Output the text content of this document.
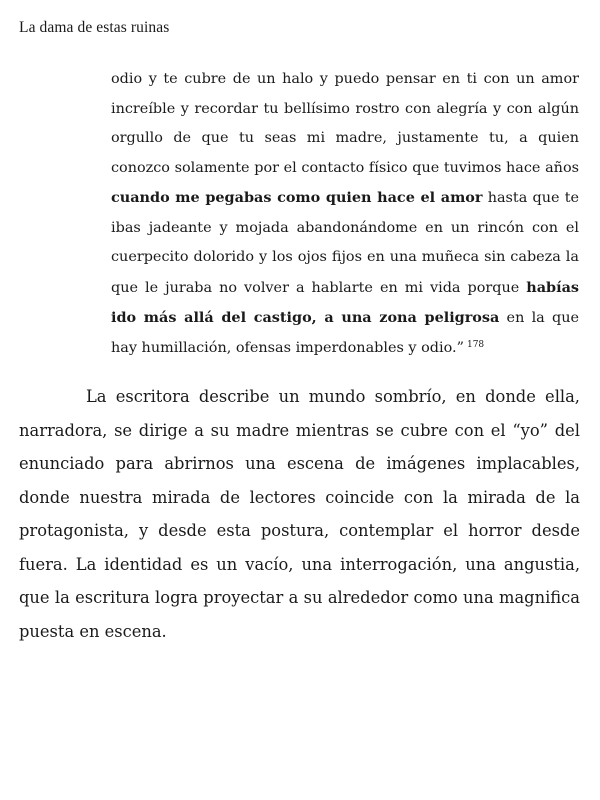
La dama de estas ruinas
odio y te cubre de un halo y puedo pensar en ti con un amor increíble y recordar tu bellísimo rostro con alegría y con algún orgullo de que tu seas mi madre, justamente tu, a quien conozco solamente por el contacto físico que tuvimos hace años cuando me pegabas como quien hace el amor hasta que te ibas jadeante y mojada abandonándome en un rincón con el cuerpecito dolorido y los ojos fijos en una muñeca sin cabeza la que le juraba no volver a hablarte en mi vida porque habías ido más allá del castigo, a una zona peligrosa en la que hay humillación, ofensas imperdonables y odio.” $^{178}$
La escritora describe un mundo sombrío, en donde ella, narradora, se dirige a su madre mientras se cubre con el “yo” del enunciado para abrirnos una escena de imágenes implacables, donde nuestra mirada de lectores coincide con la mirada de la protagonista, y desde esta postura, contemplar el horror desde fuera. La identidad es un vacío, una interrogación, una angustia, que la escritura logra proyectar a su alrededor como una magnifica puesta en escena.
